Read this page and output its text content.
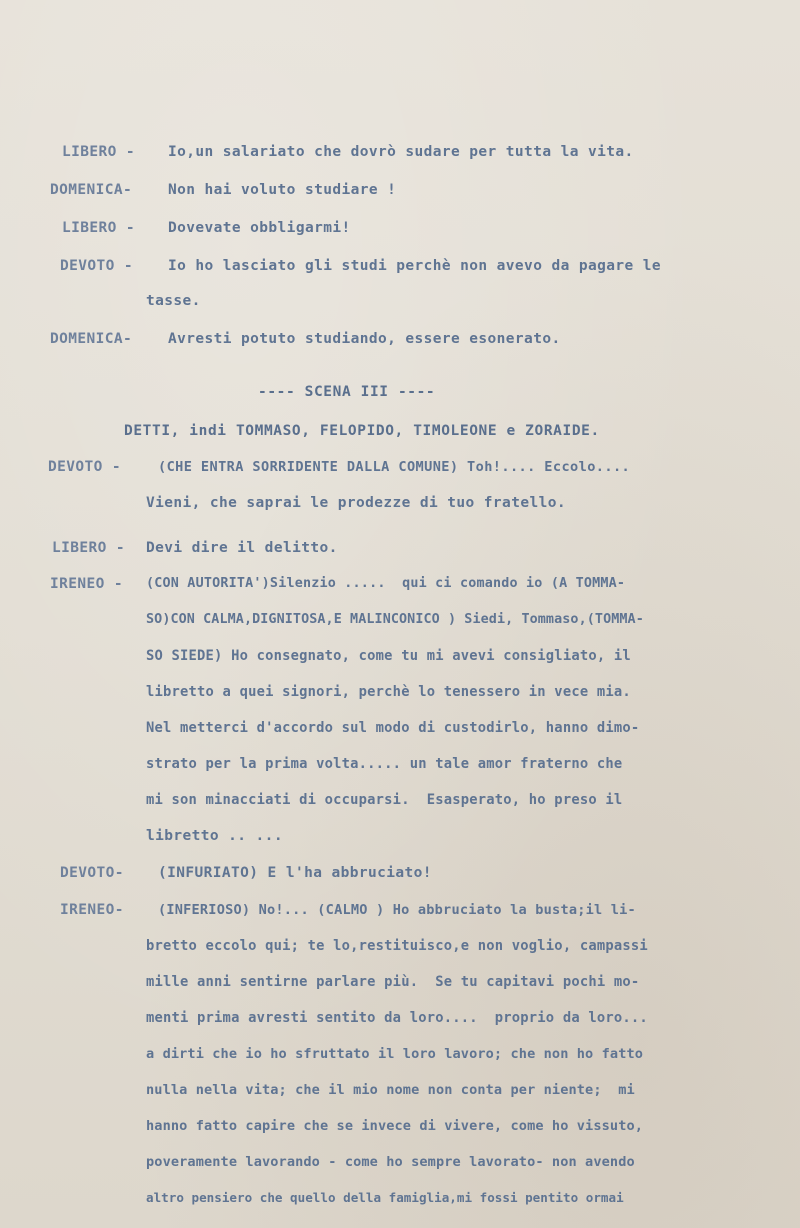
LIBERO - Io,un salariato che dovrò sudare per tutta la vita.
DOMENICA- Non hai voluto studiare !
LIBERO - Dovevate obbligarmi!
DEVOTO - Io ho lasciato gli studi perchè non avevo da pagare le
tasse.
DOMENICA- Avresti potuto studiando, essere esonerato.
---- SCENA III ----
DETTI, indi TOMMASO, FELOPIDO, TIMOLEONE e ZORAIDE.
DEVOTO -	(CHE ENTRA SORRIDENTE DALLA COMUNE) Toh!.... Eccolo....
Vieni, che saprai le prodezze di tuo fratello.
LIBERO - Devi dire il delitto.
IRENEO - (CON AUTORITA')Silenzio .....  qui ci comando io (A TOMMA-
SO)CON CALMA,DIGNITOSA,E MALINCONICO ) Siedi, Tommaso,(TOMMA-
SO SIEDE) Ho consegnato, come tu mi avevi consigliato, il
libretto a quei signori, perchè lo tenessero in vece mia.
Nel metterci d'accordo sul modo di custodirlo, hanno dimo-
strato per la prima volta..... un tale amor fraterno che
mi son minacciati di occuparsi.  Esasperato, ho preso il
libretto .. ...
DEVOTO- (INFURIATO) E l'ha abbruciato!
IRENEO-	(INFERIOSO) No!... (CALMO ) Ho abbruciato la busta;il li-
bretto eccolo qui; te lo,restituisco,e non voglio, campassi
mille anni sentirne parlare più.  Se tu capitavi pochi mo-
menti prima avresti sentito da loro....  proprio da loro...
a dirti che io ho sfruttato il loro lavoro; che non ho fatto
nulla nella vita; che il mio nome non conta per niente;  mi
hanno fatto capire che se invece di vivere, come ho vissuto,
poveramente lavorando - come ho sempre lavorato- non avendo
altro pensiero che quello della famiglia,mi fossi pentito ormai
